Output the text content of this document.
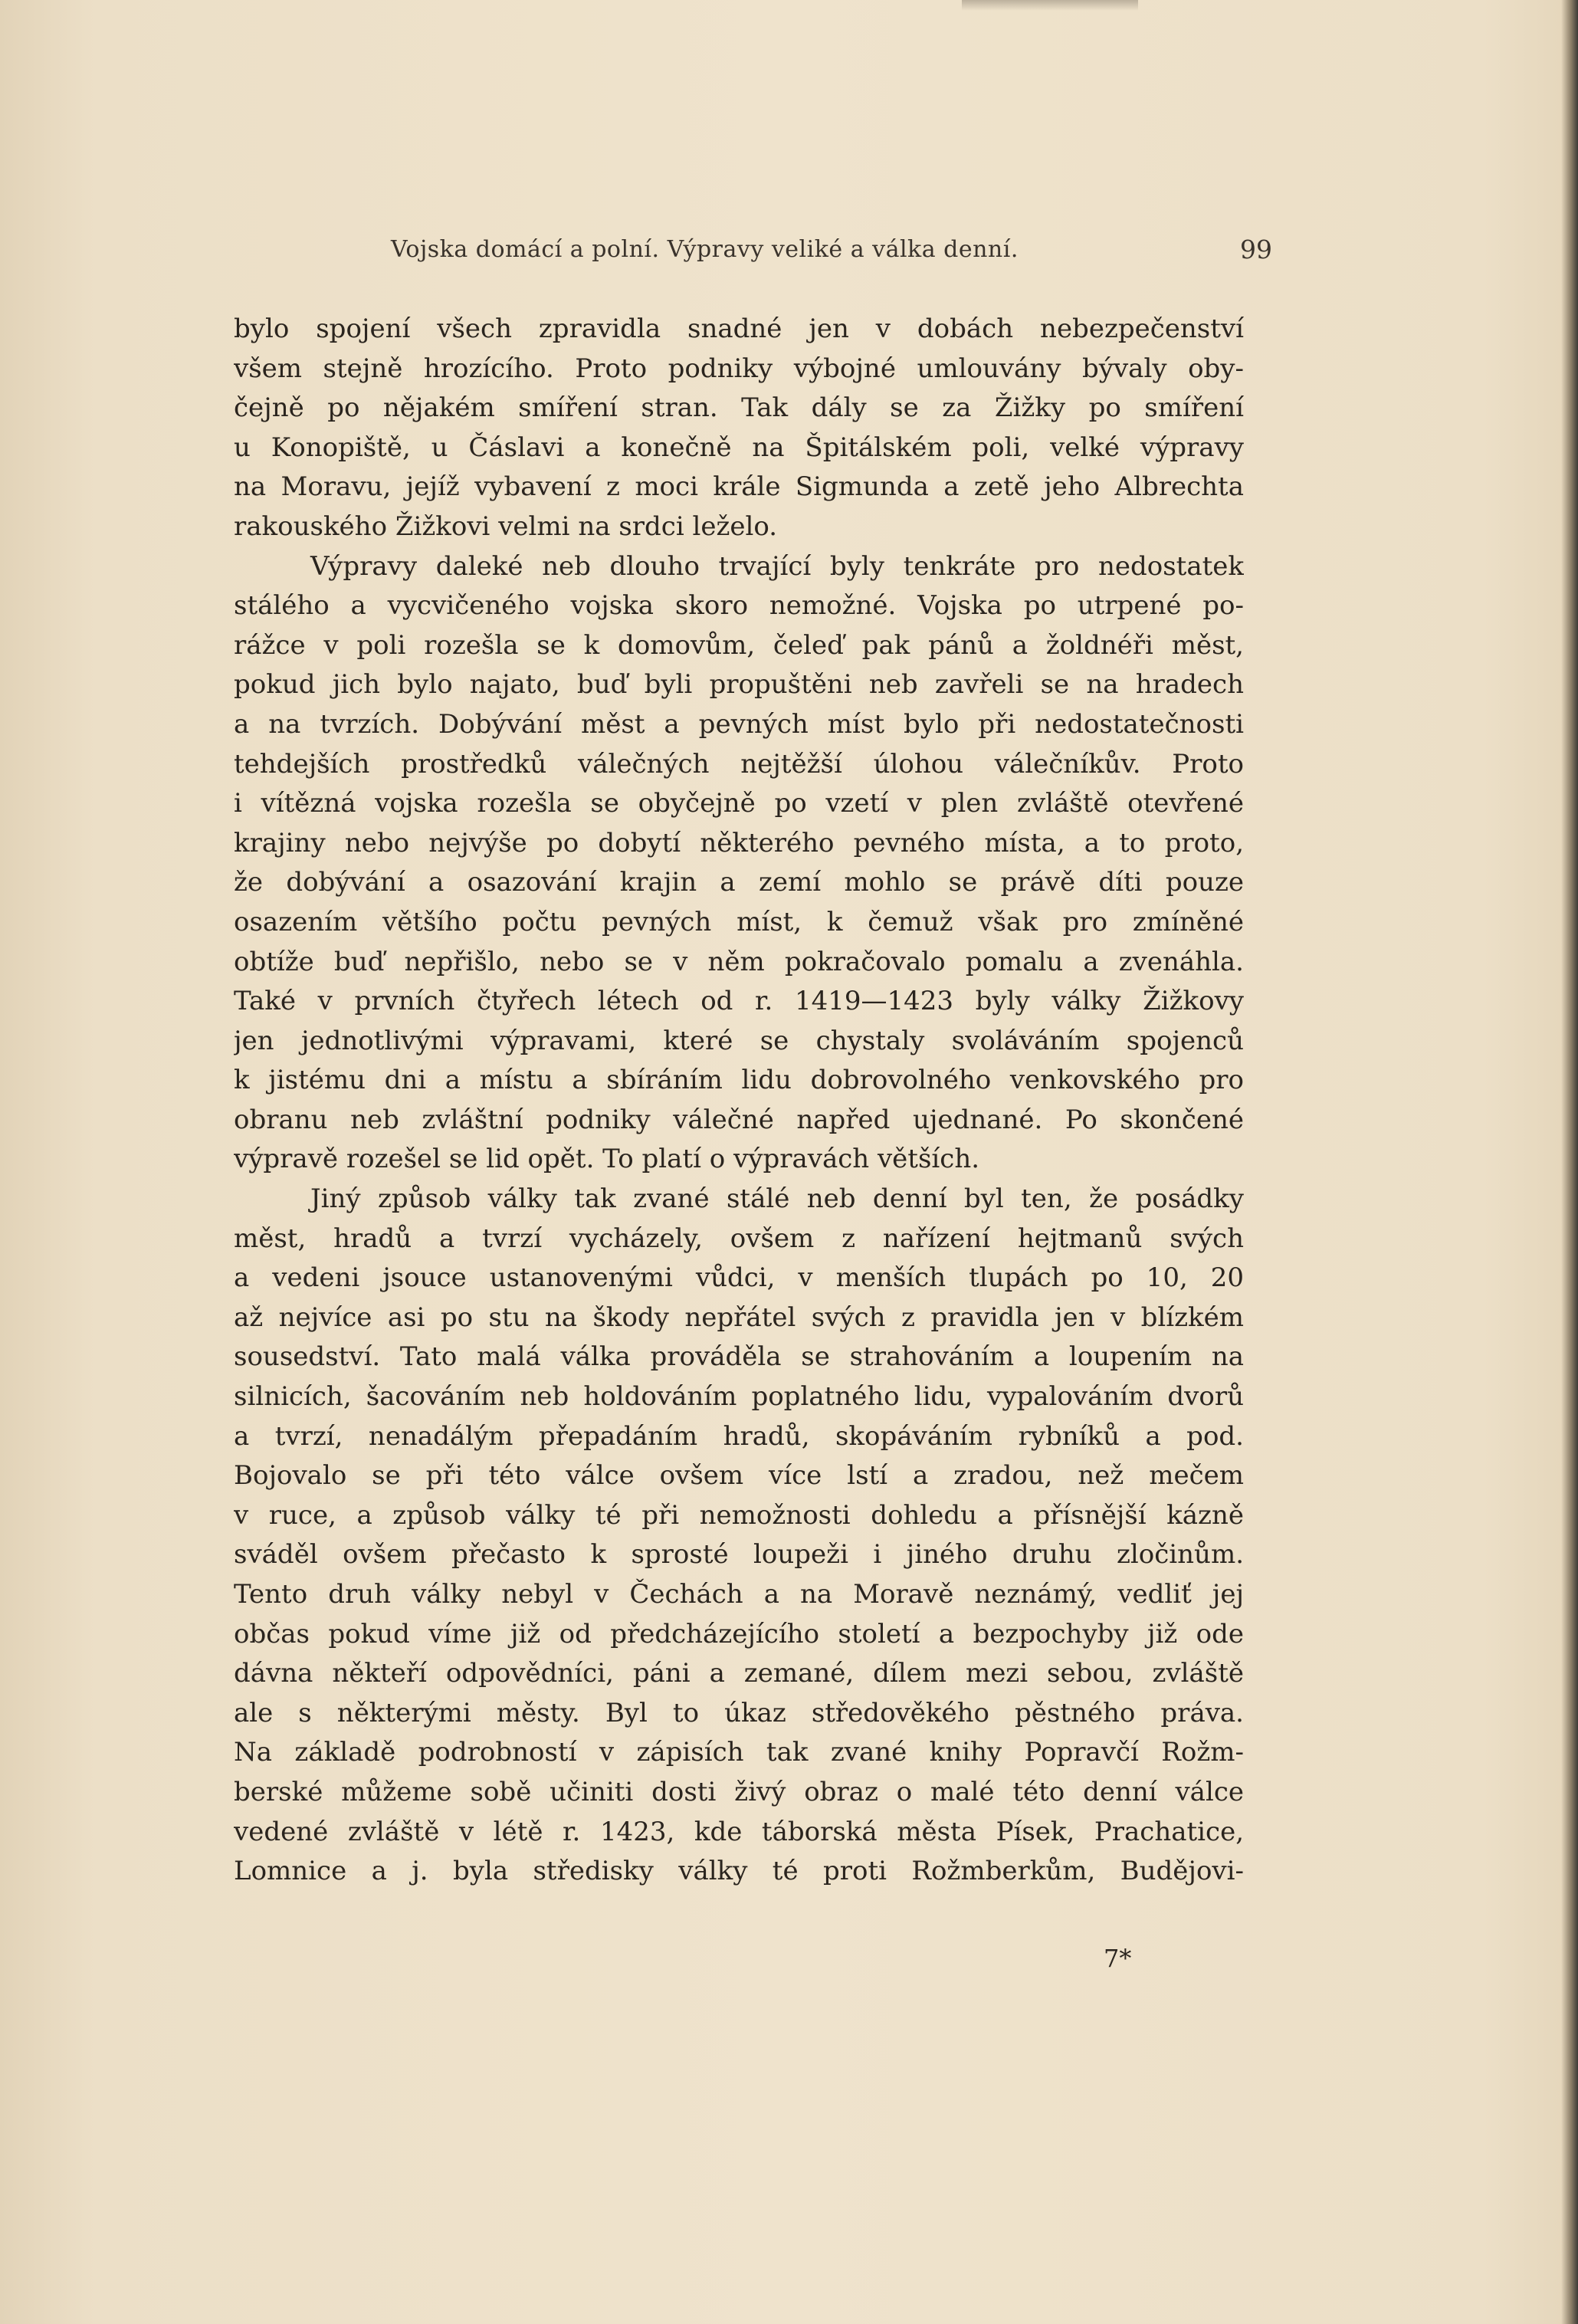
Vojska domácí a polní. Výpravy veliké a válka denní.	99
bylo spojení všech zpravidla snadné jen v dobách nebezpečenství
všem stejně hrozícího. Proto podniky výbojné umlouvány bývaly oby-
čejně po nějakém smíření stran. Tak dály se za Žižky po smíření
u Konopiště, u Čáslavi a konečně na Špitálském poli, velké výpravy
na Moravu, jejíž vybavení z moci krále Sigmunda a zetě jeho Albrechta
rakouského Žižkovi velmi na srdci leželo.
Výpravy daleké neb dlouho trvající byly tenkráte pro nedostatek
stálého a vycvičeného vojska skoro nemožné. Vojska po utrpené po-
rážce v poli rozešla se k domovům, čeleď pak pánů a žoldnéři měst,
pokud jich bylo najato, buď byli propuštěni neb zavřeli se na hradech
a na tvrzích. Dobývání měst a pevných míst bylo při nedostatečnosti
tehdejších prostředků válečných nejtěžší úlohou válečníkův. Proto
i vítězná vojska rozešla se obyčejně po vzetí v plen zvláště otevřené
krajiny nebo nejvýše po dobytí některého pevného místa, a to proto,
že dobývání a osazování krajin a zemí mohlo se právě díti pouze
osazením většího počtu pevných míst, k čemuž však pro zmíněné
obtíže buď nepřišlo, nebo se v něm pokračovalo pomalu a zvenáhla.
Také v prvních čtyřech létech od r. 1419—1423 byly války Žižkovy
jen jednotlivými výpravami, které se chystaly svoláváním spojenců
k jistému dni a místu a sbíráním lidu dobrovolného venkovského pro
obranu neb zvláštní podniky válečné napřed ujednané. Po skončené
výpravě rozešel se lid opět. To platí o výpravách větších.
Jiný způsob války tak zvané stálé neb denní byl ten, že posádky
měst, hradů a tvrzí vycházely, ovšem z nařízení hejtmanů svých
a vedeni jsouce ustanovenými vůdci, v menších tlupách po 10, 20
až nejvíce asi po stu na škody nepřátel svých z pravidla jen v blízkém
sousedství. Tato malá válka prováděla se strahováním a loupením na
silnicích, šacováním neb holdováním poplatného lidu, vypalováním dvorů
a tvrzí, nenadálým přepadáním hradů, skopáváním rybníků a pod.
Bojovalo se při této válce ovšem více lstí a zradou, než mečem
v ruce, a způsob války té při nemožnosti dohledu a přísnější kázně
sváděl ovšem přečasto k sprosté loupeži i jiného druhu zločinům.
Tento druh války nebyl v Čechách a na Moravě neznámý, vedliť jej
občas pokud víme již od předcházejícího století a bezpochyby již ode
dávna někteří odpovědníci, páni a zemané, dílem mezi sebou, zvláště
ale s některými městy. Byl to úkaz středověkého pěstného práva.
Na základě podrobností v zápisích tak zvané knihy Popravčí Rožm-
berské můžeme sobě učiniti dosti živý obraz o malé této denní válce
vedené zvláště v létě r. 1423, kde táborská města Písek, Prachatice,
Lomnice a j. byla středisky války té proti Rožmberkům, Budějovi-
7*
